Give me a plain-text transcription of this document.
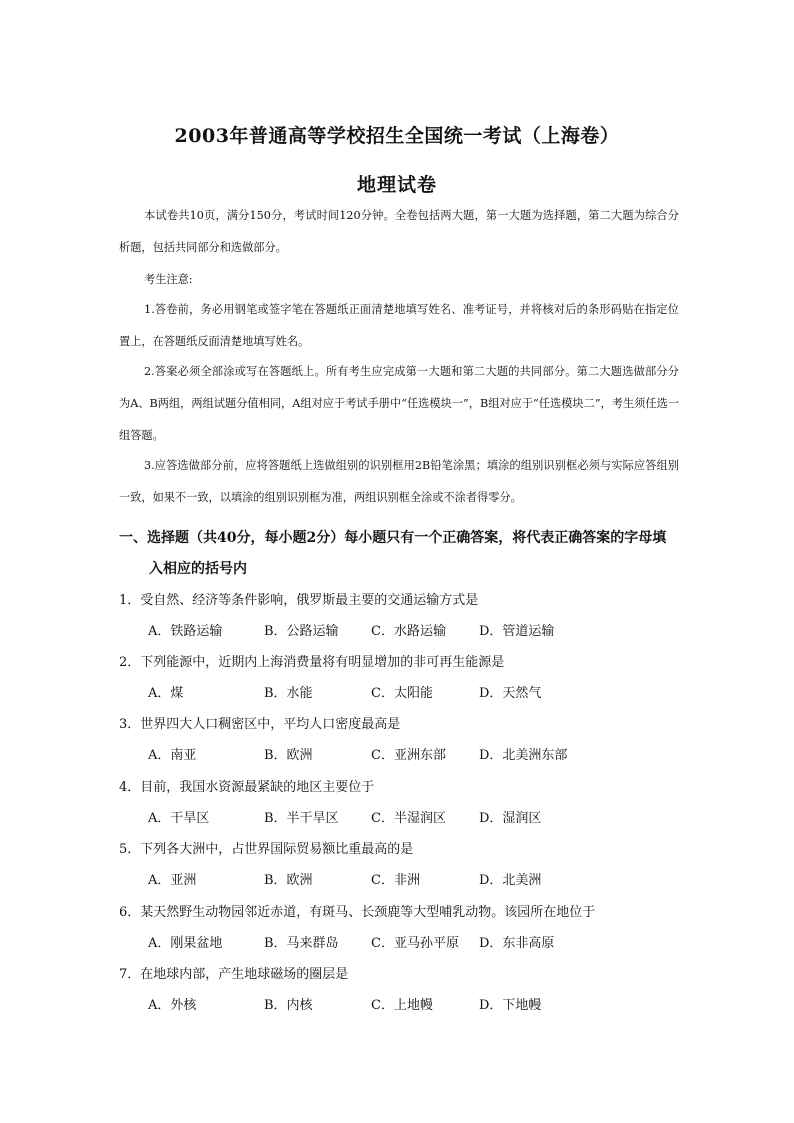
2003年普通高等学校招生全国统一考试（上海卷）
地理试卷
本试卷共10页，满分150分，考试时间120分钟。全卷包括两大题，第一大题为选择题，第二大题为综合分析题，包括共同部分和选做部分。
考生注意:
1.答卷前，务必用钢笔或签字笔在答题纸正面清楚地填写姓名、准考证号，并将核对后的条形码贴在指定位置上，在答题纸反面清楚地填写姓名。
2.答案必须全部涂或写在答题纸上。所有考生应完成第一大题和第二大题的共同部分。第二大题选做部分分为A、B两组，两组试题分值相同，A组对应于考试手册中“任选模块一”，B组对应于“任选模块二”，考生须任选一组答题。
3.应答选做部分前，应将答题纸上选做组别的识别框用2B铅笔涂黑；填涂的组别识别框必须与实际应答组别一致，如果不一致，以填涂的组别识别框为准，两组识别框全涂或不涂者得零分。
一、选择题（共40分，每小题2分）每小题只有一个正确答案，将代表正确答案的字母填
入相应的括号内
1．受自然、经济等条件影响，俄罗斯最主要的交通运输方式是
A．铁路运输	B．公路运输 C．水路运输	D．管道运输
2．下列能源中，近期内上海消费量将有明显增加的非可再生能源是
A．煤	B．水能	C．太阳能	D．天然气
3．世界四大人口稠密区中，平均人口密度最高是
A．南亚	B．欧洲	C．亚洲东部	D．北美洲东部
4．目前，我国水资源最紧缺的地区主要位于
A．干旱区	B．半干旱区 C．半湿润区	D．湿润区
5．下列各大洲中，占世界国际贸易额比重最高的是
A．亚洲	B．欧洲	C．非洲	D．北美洲
6．某天然野生动物园邻近赤道，有斑马、长颈鹿等大型哺乳动物。该园所在地位于
A．刚果盆地	B．马来群岛 C．亚马孙平原 D．东非高原
7．在地球内部，产生地球磁场的圈层是
A．外核	B．内核	C．上地幔	D．下地幔
